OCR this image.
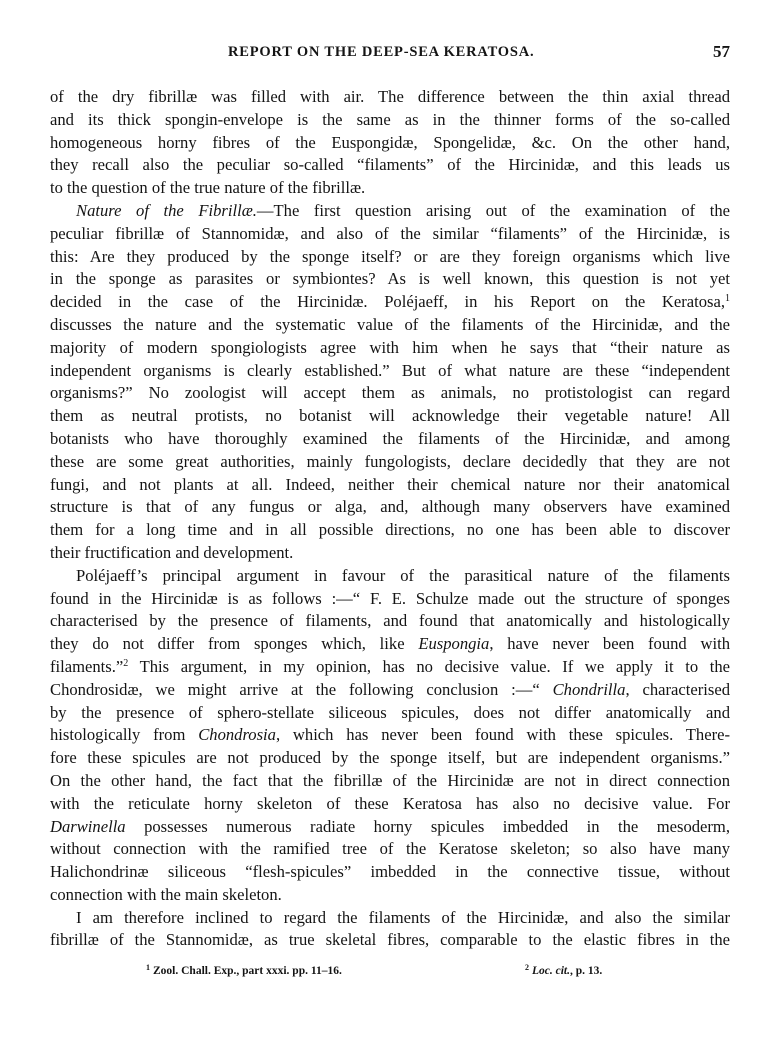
REPORT ON THE DEEP-SEA KERATOSA.	57

of the dry fibrillæ was filled with air. The difference between the thin axial thread
and its thick spongin-envelope is the same as in the thinner forms of the so-called
homogeneous horny fibres of the Euspongidæ, Spongelidæ, &c. On the other hand,
they recall also the peculiar so-called “filaments” of the Hircinidæ, and this leads us
to the question of the true nature of the fibrillæ.

Nature of the Fibrillæ.—The first question arising out of the examination of the
peculiar fibrillæ of Stannomidæ, and also of the similar “filaments” of the Hircinidæ, is
this: Are they produced by the sponge itself? or are they foreign organisms which live
in the sponge as parasites or symbiontes? As is well known, this question is not yet
decided in the case of the Hircinidæ. Poléjaeff, in his Report on the Keratosa,$^1$
discusses the nature and the systematic value of the filaments of the Hircinidæ, and the
majority of modern spongiologists agree with him when he says that “their nature as
independent organisms is clearly established.” But of what nature are these “independent
organisms?” No zoologist will accept them as animals, no protistologist can regard
them as neutral protists, no botanist will acknowledge their vegetable nature! All
botanists who have thoroughly examined the filaments of the Hircinidæ, and among
these are some great authorities, mainly fungologists, declare decidedly that they are not
fungi, and not plants at all. Indeed, neither their chemical nature nor their anatomical
structure is that of any fungus or alga, and, although many observers have examined
them for a long time and in all possible directions, no one has been able to discover
their fructification and development.

Poléjaeff’s principal argument in favour of the parasitical nature of the filaments
found in the Hircinidæ is as follows :—“ F. E. Schulze made out the structure of sponges
characterised by the presence of filaments, and found that anatomically and histologically
they do not differ from sponges which, like Euspongia, have never been found with
filaments.”$^2$ This argument, in my opinion, has no decisive value. If we apply it to the
Chondrosidæ, we might arrive at the following conclusion :—“ Chondrilla, characterised
by the presence of sphero-stellate siliceous spicules, does not differ anatomically and
histologically from Chondrosia, which has never been found with these spicules. There-
fore these spicules are not produced by the sponge itself, but are independent organisms.”
On the other hand, the fact that the fibrillæ of the Hircinidæ are not in direct connection
with the reticulate horny skeleton of these Keratosa has also no decisive value. For
Darwinella possesses numerous radiate horny spicules imbedded in the mesoderm,
without connection with the ramified tree of the Keratose skeleton; so also have many
Halichondrinæ siliceous “flesh-spicules” imbedded in the connective tissue, without
connection with the main skeleton.

I am therefore inclined to regard the filaments of the Hircinidæ, and also the similar
fibrillæ of the Stannomidæ, as true skeletal fibres, comparable to the elastic fibres in the

$^1$ Zool. Chall. Exp., part xxxi. pp. 11–16.	$^2$ Loc. cit., p. 13.
